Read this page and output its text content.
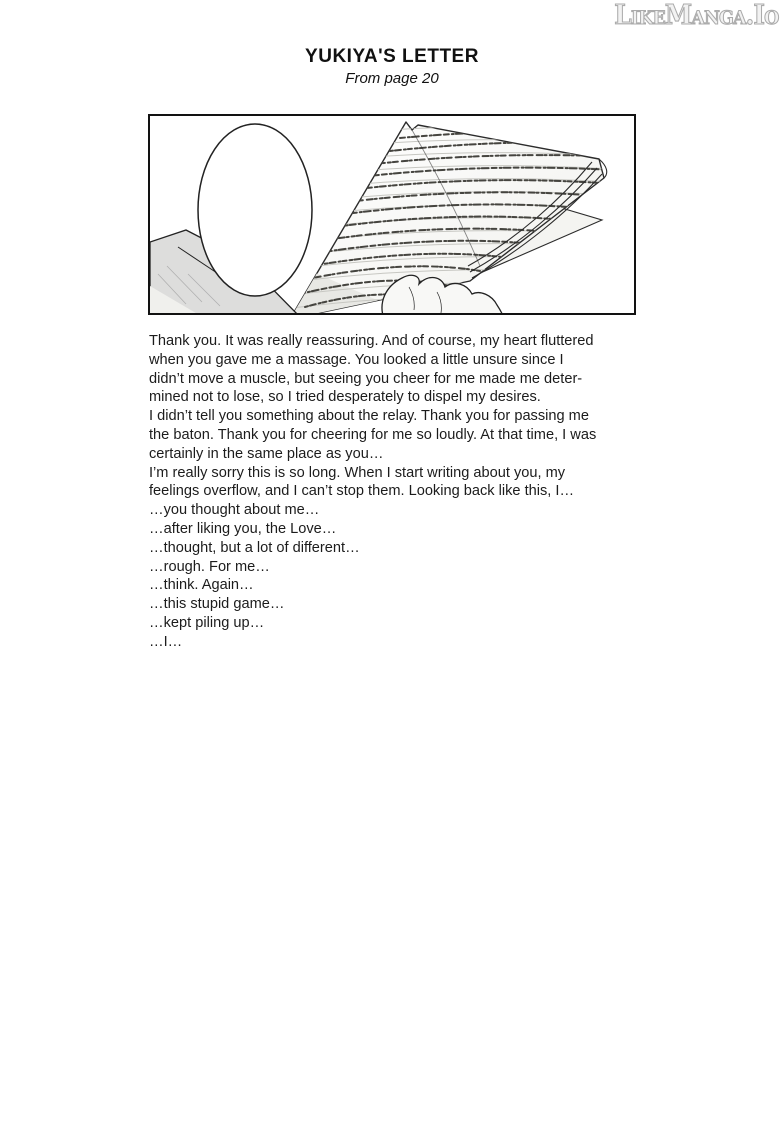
LikeManga.Io
YUKIYA'S LETTER
From page 20
Thank you. It was really reassuring. And of course, my heart fluttered
when you gave me a massage. You looked a little unsure since I
didn’t move a muscle, but seeing you cheer for me made me deter-
mined not to lose, so I tried desperately to dispel my desires.
I didn’t tell you something about the relay. Thank you for passing me
the baton. Thank you for cheering for me so loudly. At that time, I was
certainly in the same place as you…
I’m really sorry this is so long. When I start writing about you, my
feelings overflow, and I can’t stop them. Looking back like this, I…
…you thought about me…
…after liking you, the Love…
…thought, but a lot of different…
…rough. For me…
…think. Again…
…this stupid game…
…kept piling up…
…I…
